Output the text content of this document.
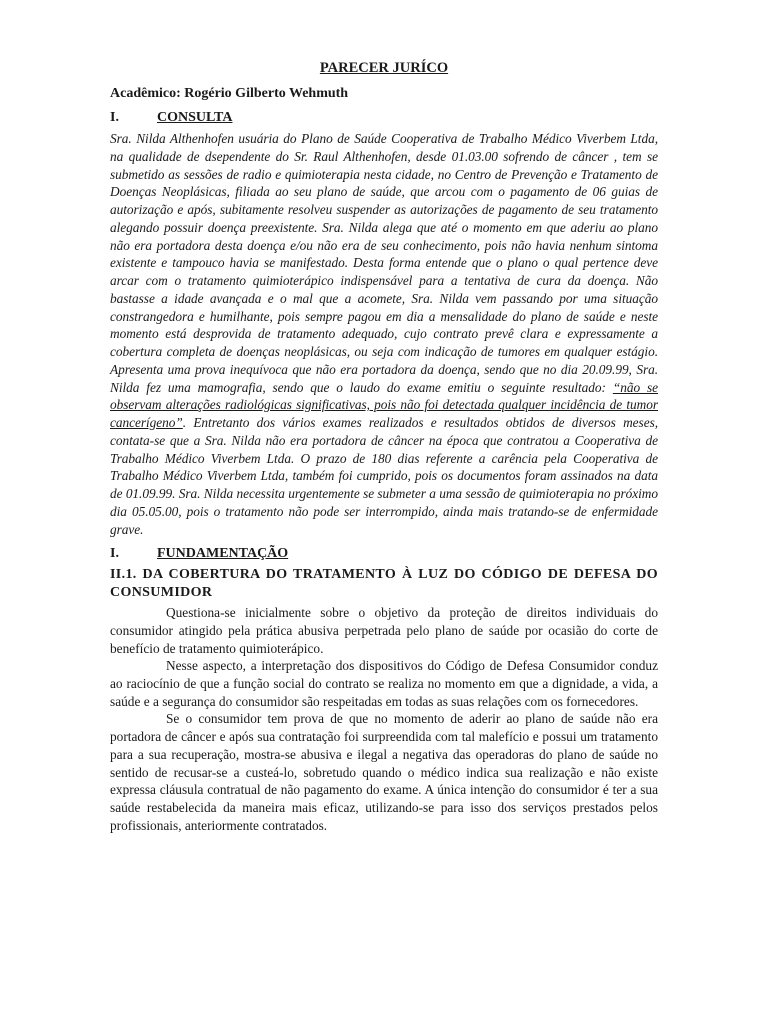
PARECER JURÍCO
Acadêmico: Rogério Gilberto Wehmuth
I.	CONSULTA

Sra. Nilda Althenhofen usuária do Plano de Saúde Cooperativa de Trabalho Médico Viverbem Ltda, na qualidade de dsependente do Sr. Raul Althenhofen, desde 01.03.00 sofrendo de câncer , tem se submetido as sessões de radio e quimioterapia nesta cidade, no Centro de Prevenção e Tratamento de Doenças Neoplásicas, filiada ao seu plano de saúde, que arcou com o pagamento de 06 guias de autorização e após, subitamente resolveu suspender as autorizações de pagamento de seu tratamento alegando possuir doença preexistente. Sra. Nilda alega que até o momento em que aderiu ao plano não era portadora desta doença e/ou não era de seu conhecimento, pois não havia nenhum sintoma existente e tampouco havia se manifestado. Desta forma entende que o plano o qual pertence deve arcar com o tratamento quimioterápico indispensável para a tentativa de cura da doença. Não bastasse a idade avançada e o mal que a acomete, Sra. Nilda vem passando por uma situação constrangedora e humilhante, pois sempre pagou em dia a mensalidade do plano de saúde e neste momento está desprovida de tratamento adequado, cujo contrato prevê clara e expressamente a cobertura completa de doenças neoplásicas, ou seja com indicação de tumores em qualquer estágio. Apresenta uma prova inequívoca que não era portadora da doença, sendo que no dia 20.09.99, Sra. Nilda fez uma mamografia, sendo que o laudo do exame emitiu o seguinte resultado: “não se observam alterações radiológicas significativas, pois não foi detectada qualquer incidência de tumor cancerígeno”. Entretanto dos vários exames realizados e resultados obtidos de diversos meses, contata-se que a Sra. Nilda não era portadora de câncer na época que contratou a Cooperativa de Trabalho Médico Viverbem Ltda. O prazo de 180 dias referente a carência pela Cooperativa de Trabalho Médico Viverbem Ltda, também foi cumprido, pois os documentos foram assinados na data de 01.09.99. Sra. Nilda necessita urgentemente se submeter a uma sessão de quimioterapia no próximo dia 05.05.00, pois o tratamento não pode ser interrompido, ainda mais tratando-se de enfermidade grave.

I.	FUNDAMENTAÇÃO
II.1. DA COBERTURA DO TRATAMENTO À LUZ DO CÓDIGO DE DEFESA DO CONSUMIDOR

Questiona-se inicialmente sobre o objetivo da proteção de direitos individuais do consumidor atingido pela prática abusiva perpetrada pelo plano de saúde por ocasião do corte de benefício de tratamento quimioterápico.

Nesse aspecto, a interpretação dos dispositivos do Código de Defesa Consumidor conduz ao raciocínio de que a função social do contrato se realiza no momento em que a dignidade, a vida, a saúde e a segurança do consumidor são respeitadas em todas as suas relações com os fornecedores.

Se o consumidor tem prova de que no momento de aderir ao plano de saúde não era portadora de câncer e após sua contratação foi surpreendida com tal malefício e possui um tratamento para a sua recuperação, mostra-se abusiva e ilegal a negativa das operadoras do plano de saúde no sentido de recusar-se a custeá-lo, sobretudo quando o médico indica sua realização e não existe expressa cláusula contratual de não pagamento do exame. A única intenção do consumidor é ter a sua saúde restabelecida da maneira mais eficaz, utilizando-se para isso dos serviços prestados pelos profissionais, anteriormente contratados.
